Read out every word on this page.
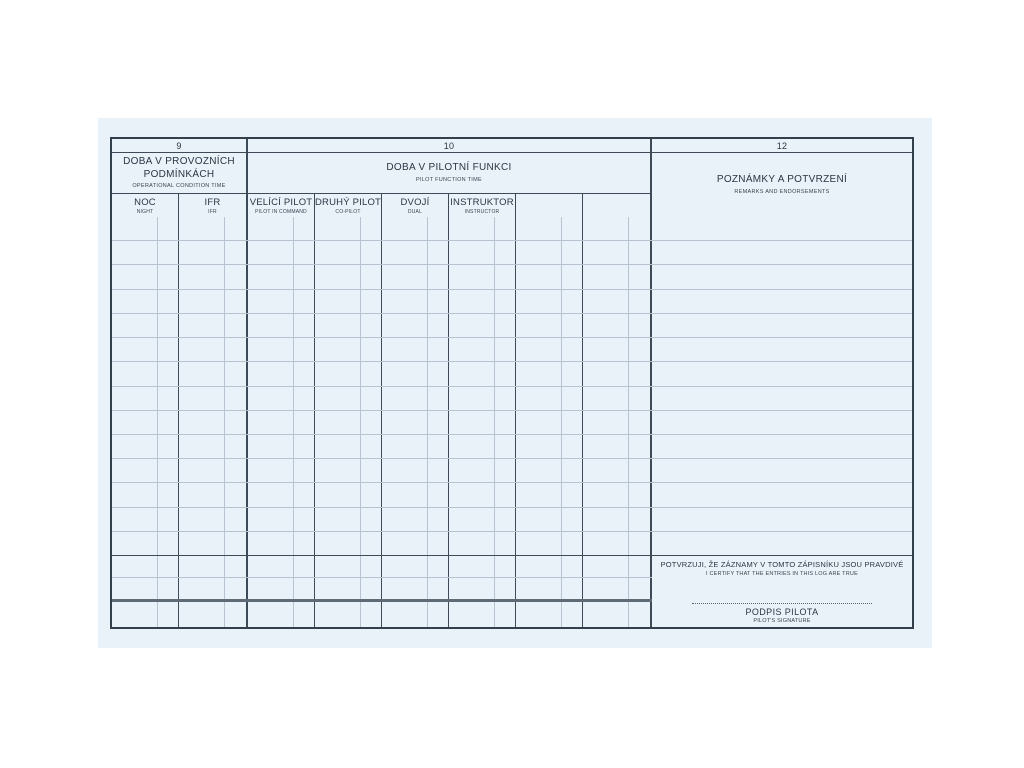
9
DOBA V PROVOZNÍCH PODMÍNKÁCH
OPERATIONAL CONDITION TIME
NOC
NIGHT
IFR
IFR
10
DOBA V PILOTNÍ FUNKCI
PILOT FUNCTION TIME
VELÍCÍ PILOT
PILOT IN COMMAND
DRUHÝ PILOT
CO-PILOT
DVOJÍ
DUAL
INSTRUKTOR
INSTRUCTOR
12
POZNÁMKY A POTVRZENÍ
REMARKS AND ENDORSEMENTS
POTVRZUJI, ŽE ZÁZNAMY V TOMTO ZÁPISNÍKU JSOU PRAVDIVÉ
I CERTIFY THAT THE ENTRIES IN THIS LOG ARE TRUE
PODPIS PILOTA
PILOT'S SIGNATURE
